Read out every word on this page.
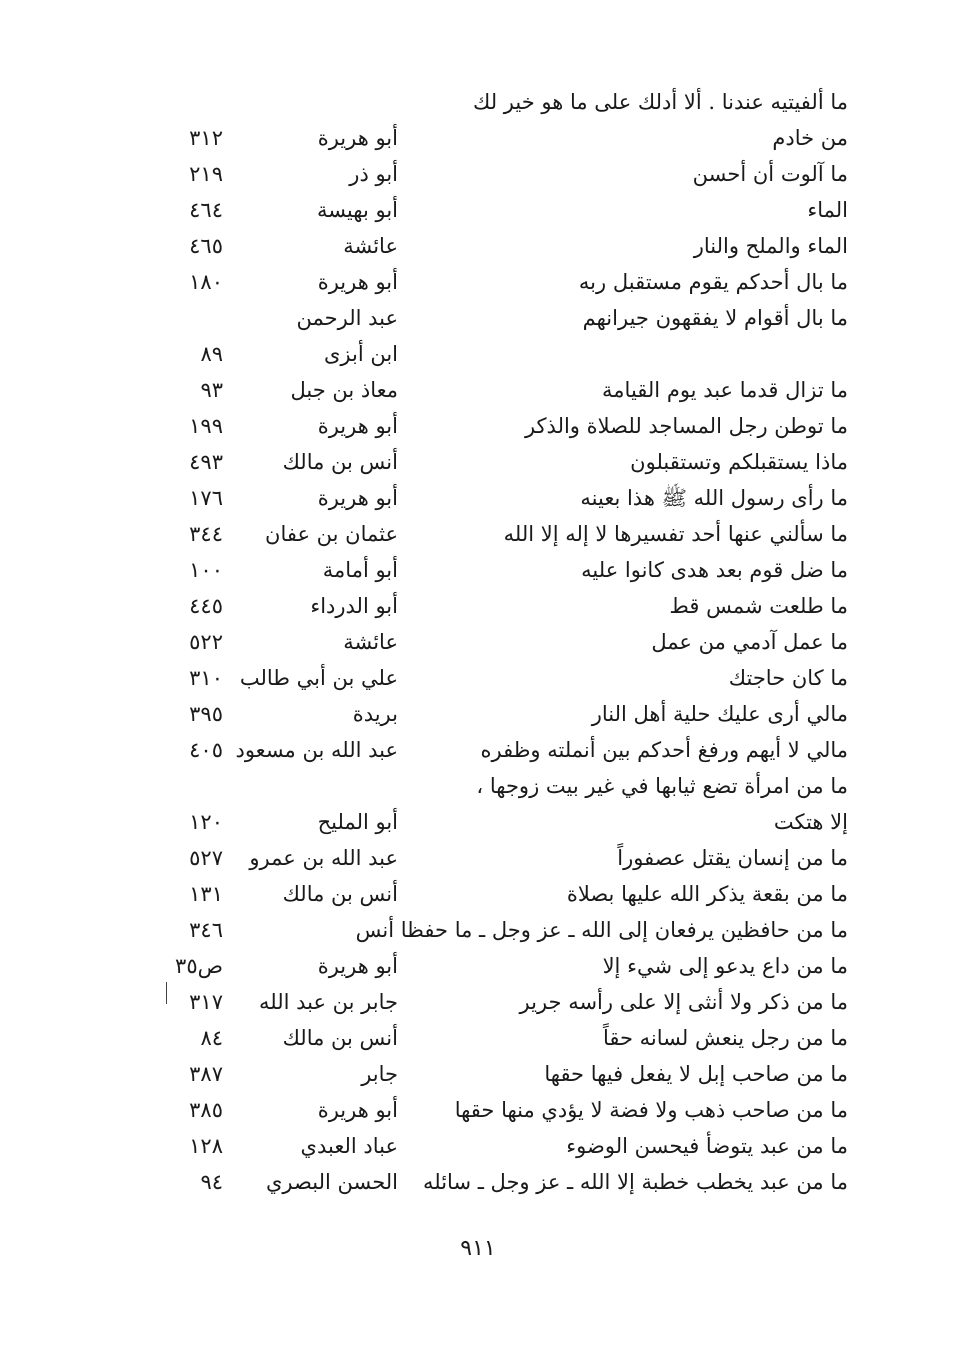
ما ألفيتيه عندنا . ألا أدلك على ما هو خير لك
من خادم
أبو هريرة
٣١٢
ما آلوت أن أحسن
أبو ذر
٢١٩
الماء
أبو بهيسة
٤٦٤
الماء والملح والنار
عائشة
٤٦٥
ما بال أحدكم يقوم مستقبل ربه
أبو هريرة
١٨٠
ما بال أقوام لا يفقهون جيرانهم
عبد الرحمن
ابن أبزى
٨٩
ما تزال قدما عبد يوم القيامة
معاذ بن جبل
٩٣
ما توطن رجل المساجد للصلاة والذكر
أبو هريرة
١٩٩
ماذا يستقبلكم وتستقبلون
أنس بن مالك
٤٩٣
ما رأى رسول الله ﷺ هذا بعينه
أبو هريرة
١٧٦
ما سألني عنها أحد تفسيرها لا إله إلا الله
عثمان بن عفان
٣٤٤
ما ضل قوم بعد هدى كانوا عليه
أبو أمامة
١٠٠
ما طلعت شمس قط
أبو الدرداء
٤٤٥
ما عمل آدمي من عمل
عائشة
٥٢٢
ما كان حاجتك
علي بن أبي طالب
٣١٠
مالي أرى عليك حلية أهل النار
بريدة
٣٩٥
مالي لا أيهم ورفغ أحدكم بين أنملته وظفره
عبد الله بن مسعود
٤٠٥
ما من امرأة تضع ثيابها في غير بيت زوجها ،
إلا هتكت
أبو المليح
١٢٠
ما من إنسان يقتل عصفوراً
عبد الله بن عمرو
٥٢٧
ما من بقعة يذكر الله عليها بصلاة
أنس بن مالك
١٣١
ما من حافظين يرفعان إلى الله ـ عز وجل ـ ما حفظا أنس
٣٤٦
ما من داع يدعو إلى شيء إلا
أبو هريرة
ص٣٥
ما من ذكر ولا أنثى إلا على رأسه جرير
جابر بن عبد الله
٣١٧
ما من رجل ينعش لسانه حقاً
أنس بن مالك
٨٤
ما من صاحب إبل لا يفعل فيها حقها
جابر
٣٨٧
ما من صاحب ذهب ولا فضة لا يؤدي منها حقها
أبو هريرة
٣٨٥
ما من عبد يتوضأ فيحسن الوضوء
عباد العبدي
١٢٨
ما من عبد يخطب خطبة إلا الله ـ عز وجل ـ سائله
الحسن البصري
٩٤
٩١١
